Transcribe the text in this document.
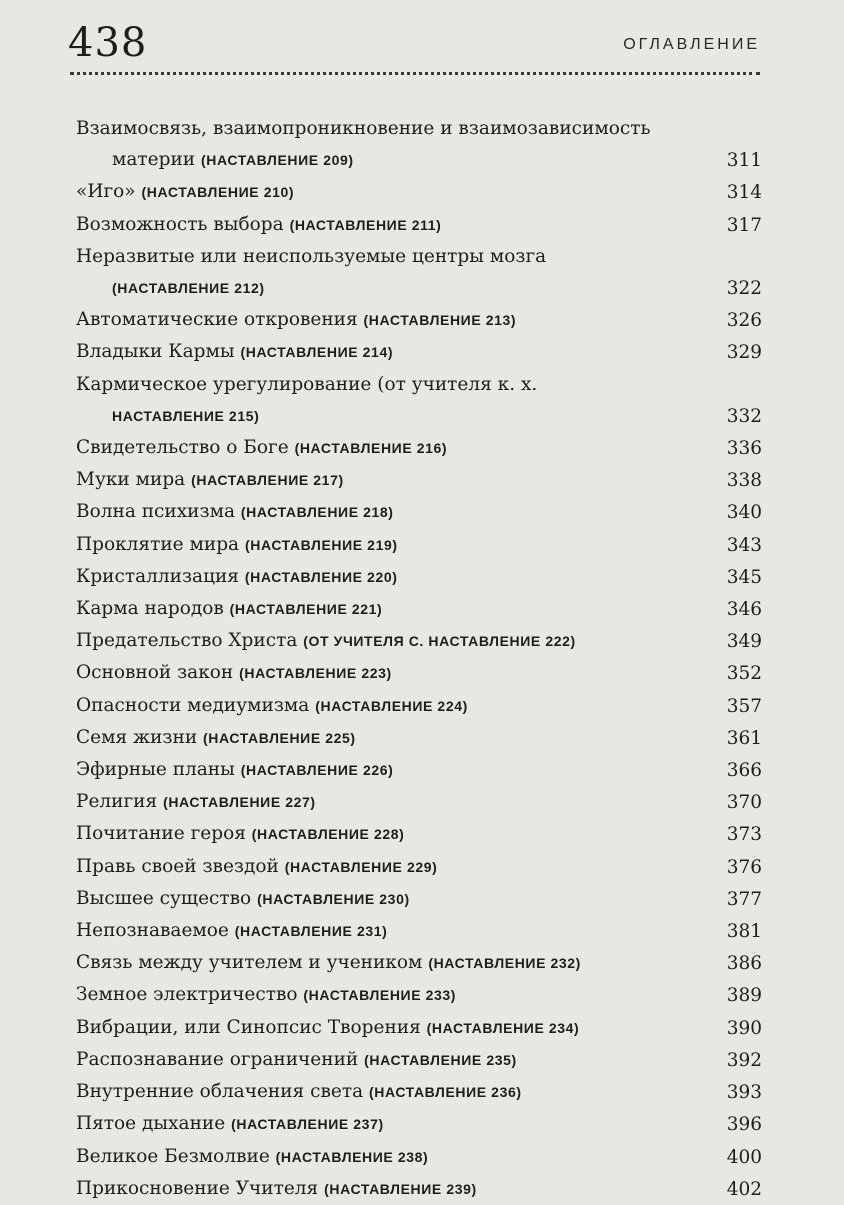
438	ОГЛАВЛЕНИЕ
Взаимосвязь, взаимопроникновение и взаимозависимость
материи (НАСТАВЛЕНИЕ 209)	311
«Иго» (НАСТАВЛЕНИЕ 210)	314
Возможность выбора (НАСТАВЛЕНИЕ 211)	317
Неразвитые или неиспользуемые центры мозга
(НАСТАВЛЕНИЕ 212)	322
Автоматические откровения (НАСТАВЛЕНИЕ 213)	326
Владыки Кармы (НАСТАВЛЕНИЕ 214)	329
Кармическое урегулирование (от учителя к. х.
НАСТАВЛЕНИЕ 215)	332
Свидетельство о Боге (НАСТАВЛЕНИЕ 216)	336
Муки мира (НАСТАВЛЕНИЕ 217)	338
Волна психизма (НАСТАВЛЕНИЕ 218)	340
Проклятие мира (НАСТАВЛЕНИЕ 219)	343
Кристаллизация (НАСТАВЛЕНИЕ 220)	345
Карма народов (НАСТАВЛЕНИЕ 221)	346
Предательство Христа (ОТ УЧИТЕЛЯ С. НАСТАВЛЕНИЕ 222)	349
Основной закон (НАСТАВЛЕНИЕ 223)	352
Опасности медиумизма (НАСТАВЛЕНИЕ 224)	357
Семя жизни (НАСТАВЛЕНИЕ 225)	361
Эфирные планы (НАСТАВЛЕНИЕ 226)	366
Религия (НАСТАВЛЕНИЕ 227)	370
Почитание героя (НАСТАВЛЕНИЕ 228)	373
Правь своей звездой (НАСТАВЛЕНИЕ 229)	376
Высшее существо (НАСТАВЛЕНИЕ 230)	377
Непознаваемое (НАСТАВЛЕНИЕ 231)	381
Связь между учителем и учеником (НАСТАВЛЕНИЕ 232)	386
Земное электричество (НАСТАВЛЕНИЕ 233)	389
Вибрации, или Синопсис Творения (НАСТАВЛЕНИЕ 234)	390
Распознавание ограничений (НАСТАВЛЕНИЕ 235)	392
Внутренние облачения света (НАСТАВЛЕНИЕ 236)	393
Пятое дыхание (НАСТАВЛЕНИЕ 237)	396
Великое Безмолвие (НАСТАВЛЕНИЕ 238)	400
Прикосновение Учителя (НАСТАВЛЕНИЕ 239)	402
